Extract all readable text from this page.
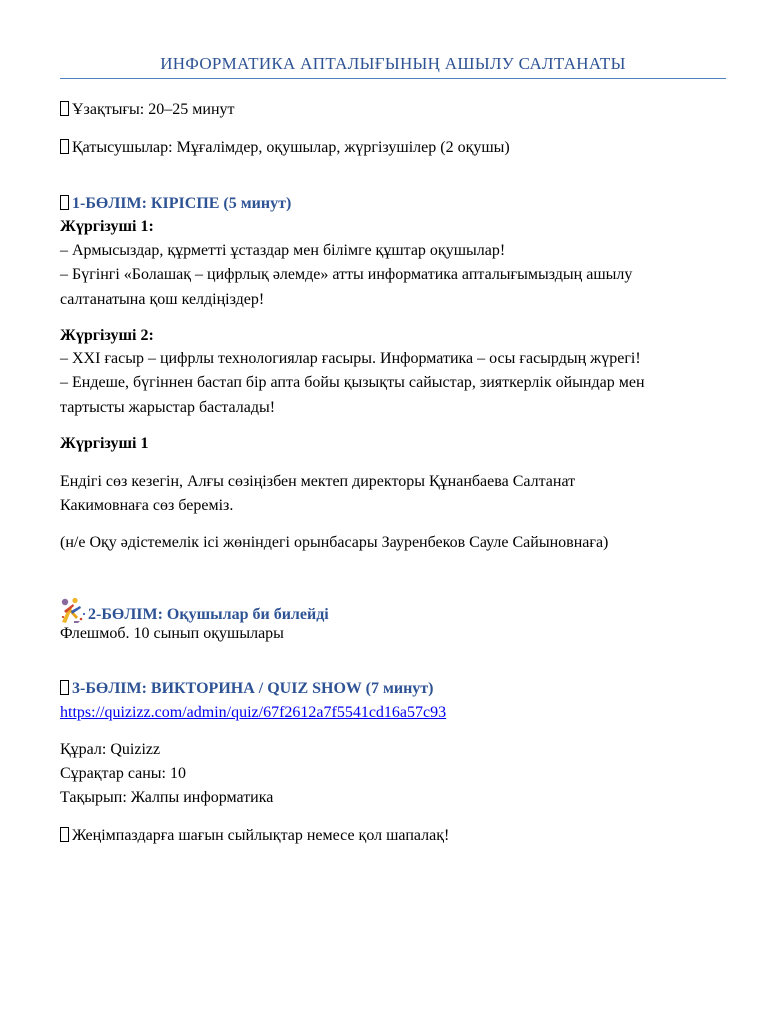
ИНФОРМАТИКА АПТАЛЫҒЫНЫҢ АШЫЛУ САЛТАНАТЫ
Ұзақтығы: 20–25 минут
Қатысушылар: Мұғалімдер, оқушылар, жүргізушілер (2 оқушы)
1-БӨЛІМ: КІРІСПЕ (5 минут)
Жүргізуші 1:
– Армысыздар, құрметті ұстаздар мен білімге құштар оқушылар!
– Бүгінгі «Болашақ – цифрлық әлемде» атты информатика апталығымыздың ашылу
салтанатына қош келдіңіздер!
Жүргізуші 2:
– XXI ғасыр – цифрлы технологиялар ғасыры. Информатика – осы ғасырдың жүрегі!
– Ендеше, бүгіннен бастап бір апта бойы қызықты сайыстар, зияткерлік ойындар мен
тартысты жарыстар басталады!
Жүргізуші 1
Ендігі сөз кезегін, Алғы сөзіңізбен мектеп директоры Құнанбаева Салтанат
Какимовнаға сөз береміз.
(н/е Оқу әдістемелік ісі жөніндегі орынбасары Зауренбеков Сауле Сайыновнаға)
2-БӨЛІМ: Оқушылар би билейді
Флешмоб. 10 сынып оқушылары
3-БӨЛІМ: ВИКТОРИНА / QUIZ SHOW (7 минут)
https://quizizz.com/admin/quiz/67f2612a7f5541cd16a57c93
Құрал: Quizizz
Сұрақтар саны: 10
Тақырып: Жалпы информатика
Жеңімпаздарға шағын сыйлықтар немесе қол шапалақ!
